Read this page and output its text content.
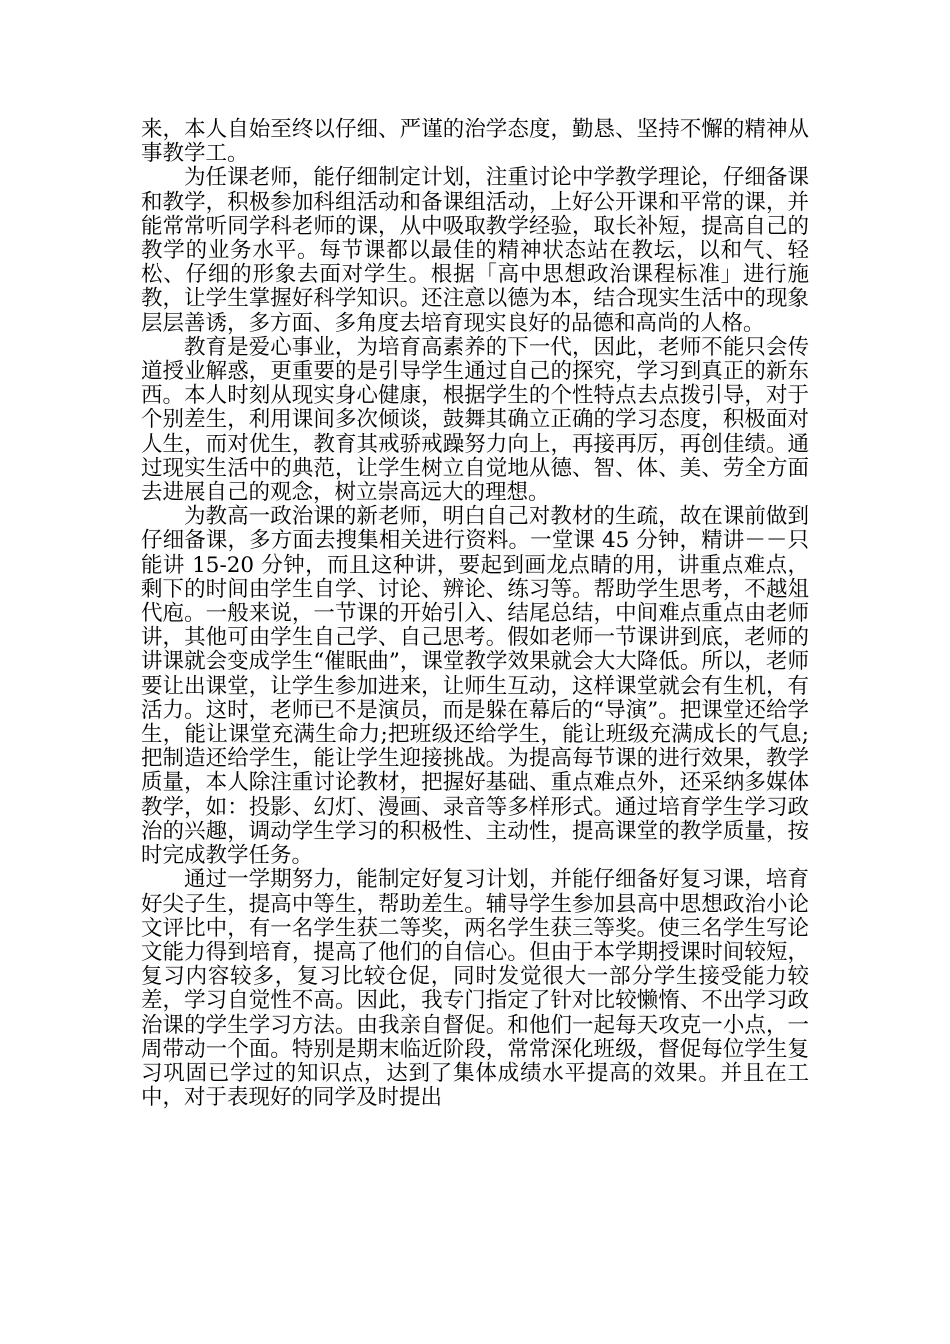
来，本人自始至终以仔细、严谨的治学态度，勤恳、坚持不懈的精神从事教学工。

为任课老师，能仔细制定计划，注重讨论中学教学理论，仔细备课和教学，积极参加科组活动和备课组活动，上好公开课和平常的课，并能常常听同学科老师的课，从中吸取教学经验，取长补短，提高自己的教学的业务水平。每节课都以最佳的精神状态站在教坛，以和气、轻松、仔细的形象去面对学生。根据「高中思想政治课程标准」进行施教，让学生掌握好科学知识。还注意以德为本，结合现实生活中的现象层层善诱，多方面、多角度去培育现实良好的品德和高尚的人格。

教育是爱心事业，为培育高素养的下一代，因此，老师不能只会传道授业解惑，更重要的是引导学生通过自己的探究，学习到真正的新东西。本人时刻从现实身心健康，根据学生的个性特点去点拨引导，对于个别差生，利用课间多次倾谈，鼓舞其确立正确的学习态度，积极面对人生，而对优生，教育其戒骄戒躁努力向上，再接再厉，再创佳绩。通过现实生活中的典范，让学生树立自觉地从德、智、体、美、劳全方面去进展自己的观念，树立崇高远大的理想。

为教高一政治课的新老师，明白自己对教材的生疏，故在课前做到仔细备课，多方面去搜集相关进行资料。一堂课 45 分钟，精讲－－只能讲 15-20 分钟，而且这种讲，要起到画龙点睛的用，讲重点难点，剩下的时间由学生自学、讨论、辨论、练习等。帮助学生思考，不越俎代庖。一般来说，一节课的开始引入、结尾总结，中间难点重点由老师讲，其他可由学生自己学、自己思考。假如老师一节课讲到底，老师的讲课就会变成学生“催眠曲”，课堂教学效果就会大大降低。所以，老师要让出课堂，让学生参加进来，让师生互动，这样课堂就会有生机，有活力。这时，老师已不是演员，而是躲在幕后的“导演”。把课堂还给学生，能让课堂充满生命力;把班级还给学生，能让班级充满成长的气息;把制造还给学生，能让学生迎接挑战。为提高每节课的进行效果，教学质量，本人除注重讨论教材，把握好基础、重点难点外，还采纳多媒体教学，如：投影、幻灯、漫画、录音等多样形式。通过培育学生学习政治的兴趣，调动学生学习的积极性、主动性，提高课堂的教学质量，按时完成教学任务。

通过一学期努力，能制定好复习计划，并能仔细备好复习课，培育好尖子生，提高中等生，帮助差生。辅导学生参加县高中思想政治小论文评比中，有一名学生获二等奖，两名学生获三等奖。使三名学生写论文能力得到培育，提高了他们的自信心。但由于本学期授课时间较短，复习内容较多，复习比较仓促，同时发觉很大一部分学生接受能力较差，学习自觉性不高。因此，我专门指定了针对比较懒惰、不出学习政治课的学生学习方法。由我亲自督促。和他们一起每天攻克一小点，一周带动一个面。特别是期末临近阶段，常常深化班级，督促每位学生复习巩固已学过的知识点，达到了集体成绩水平提高的效果。并且在工中，对于表现好的同学及时提出
